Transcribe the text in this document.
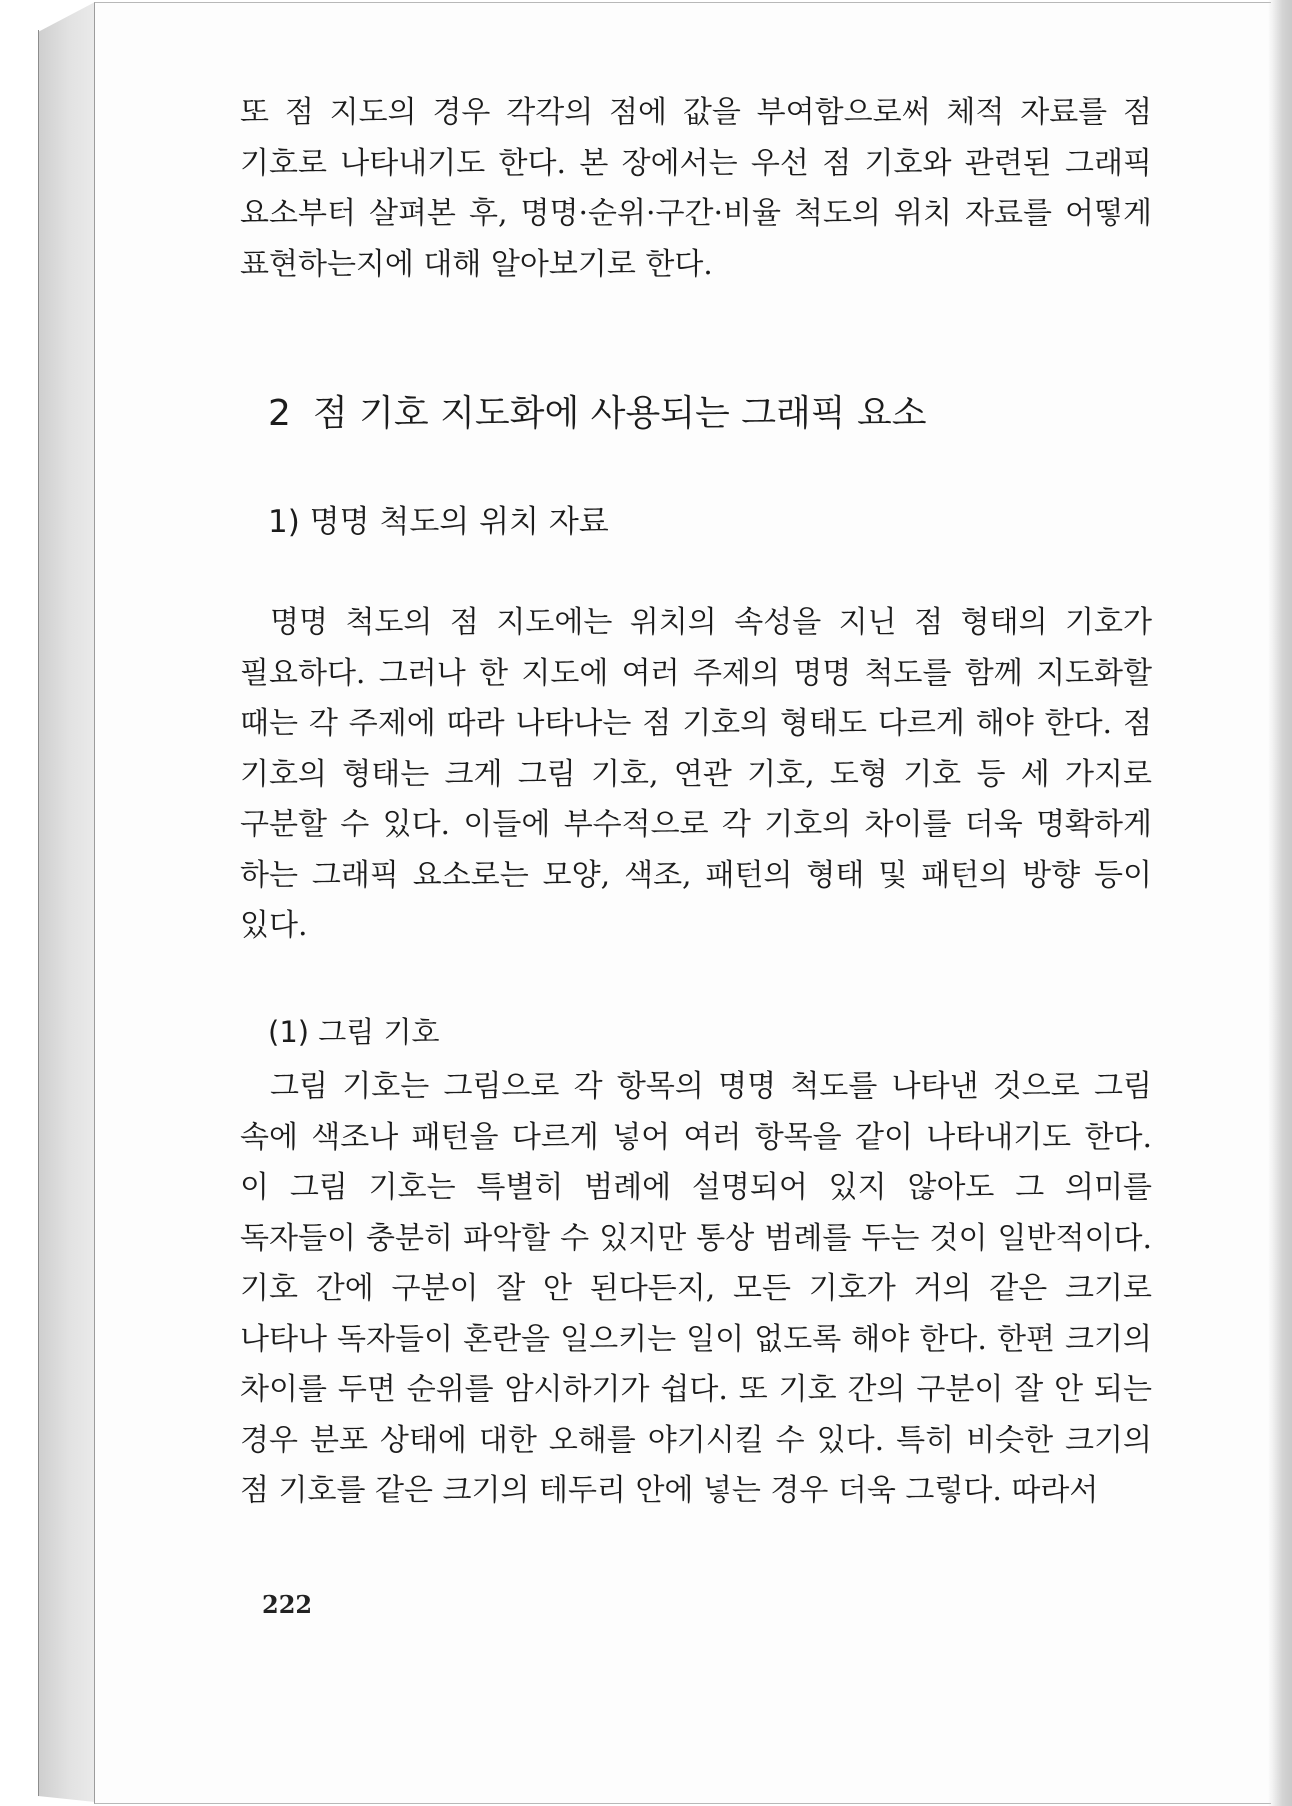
또 점 지도의 경우 각각의 점에 값을 부여함으로써 체적 자료를 점 기호로 나타내기도 한다. 본 장에서는 우선 점 기호와 관련된 그래픽 요소부터 살펴본 후, 명명·순위·구간·비율 척도의 위치 자료를 어떻게 표현하는지에 대해 알아보기로 한다.

2 점 기호 지도화에 사용되는 그래픽 요소
1) 명명 척도의 위치 자료

명명 척도의 점 지도에는 위치의 속성을 지닌 점 형태의 기호가 필요하다. 그러나 한 지도에 여러 주제의 명명 척도를 함께 지도화할 때는 각 주제에 따라 나타나는 점 기호의 형태도 다르게 해야 한다. 점 기호의 형태는 크게 그림 기호, 연관 기호, 도형 기호 등 세 가지로 구분할 수 있다. 이들에 부수적으로 각 기호의 차이를 더욱 명확하게 하는 그래픽 요소로는 모양, 색조, 패턴의 형태 및 패턴의 방향 등이 있다.

(1) 그림 기호

그림 기호는 그림으로 각 항목의 명명 척도를 나타낸 것으로 그림 속에 색조나 패턴을 다르게 넣어 여러 항목을 같이 나타내기도 한다. 이 그림 기호는 특별히 범례에 설명되어 있지 않아도 그 의미를 독자들이 충분히 파악할 수 있지만 통상 범례를 두는 것이 일반적이다. 기호 간에 구분이 잘 안 된다든지, 모든 기호가 거의 같은 크기로 나타나 독자들이 혼란을 일으키는 일이 없도록 해야 한다. 한편 크기의 차이를 두면 순위를 암시하기가 쉽다. 또 기호 간의 구분이 잘 안 되는 경우 분포 상태에 대한 오해를 야기시킬 수 있다. 특히 비슷한 크기의 점 기호를 같은 크기의 테두리 안에 넣는 경우 더욱 그렇다. 따라서

222
